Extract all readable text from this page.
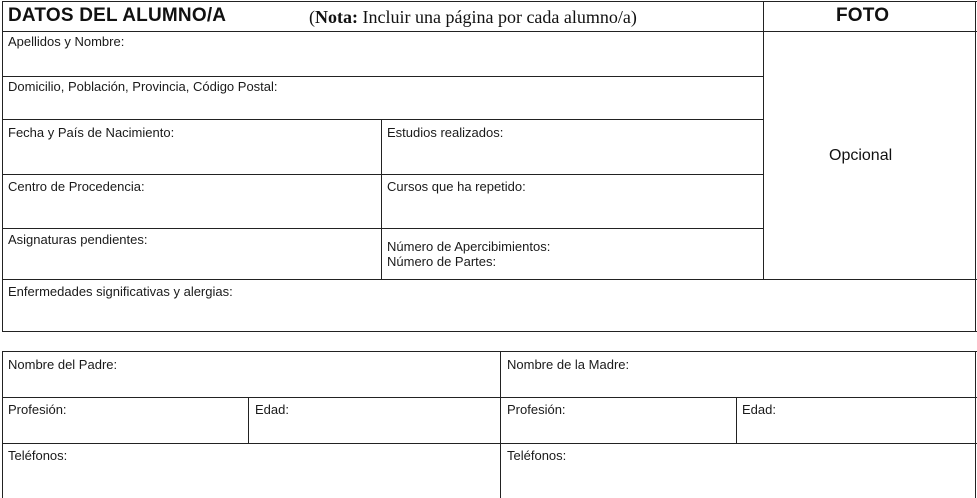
DATOS DEL ALUMNO/A	(Nota: Incluir una página por cada alumno/a)	FOTO
Apellidos y Nombre:
Domicilio, Población, Provincia, Código Postal:
Fecha y País de Nacimiento:	Estudios realizados:
Centro de Procedencia:	Cursos que ha repetido:
Asignaturas pendientes:	Número de Apercibimientos:
Número de Partes:
Enfermedades significativas y alergias:
Opcional
Nombre del Padre:	Nombre de la Madre:
Profesión:	Edad:	Profesión:	Edad:
Teléfonos:	Teléfonos:
